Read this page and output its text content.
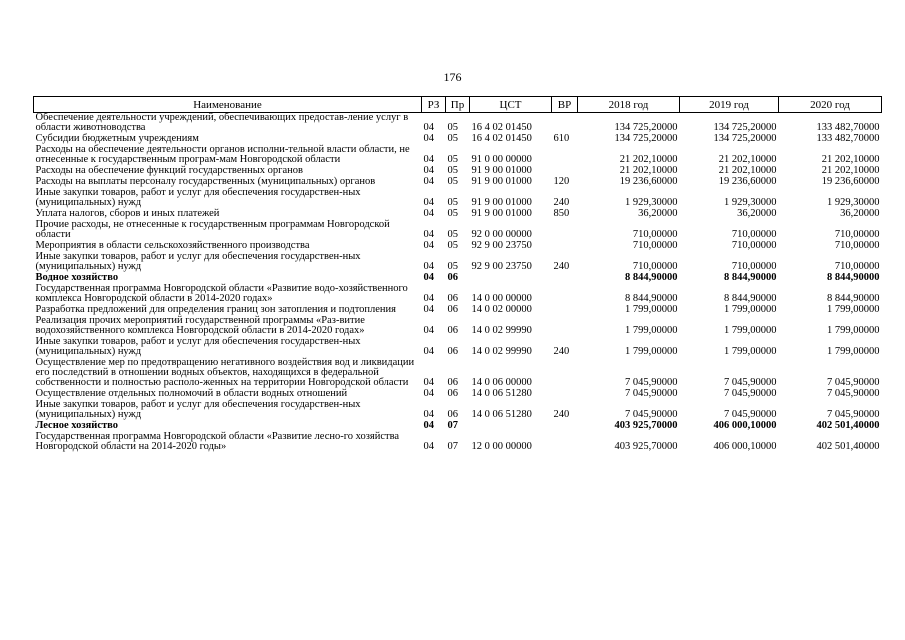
176
Наименование	РЗ	Пр	ЦСТ	ВР	2018 год	2019 год	2020 год
Обеспечение деятельности учреждений, обеспечивающих предостав-ление услуг в области животноводства	04	05	16 4 02 01450		134 725,20000	134 725,20000	133 482,70000
Субсидии бюджетным учреждениям	04	05	16 4 02 01450	610	134 725,20000	134 725,20000	133 482,70000
Расходы на обеспечение деятельности органов исполни-тельной власти области, не отнесенные к государственным програм-мам Новгородской области	04	05	91 0 00 00000		21 202,10000	21 202,10000	21 202,10000
Расходы на обеспечение функций государственных органов	04	05	91 9 00 01000		21 202,10000	21 202,10000	21 202,10000
Расходы на выплаты персоналу государственных (муниципальных) органов	04	05	91 9 00 01000	120	19 236,60000	19 236,60000	19 236,60000
Иные закупки товаров, работ и услуг для обеспечения государствен-ных (муниципальных) нужд	04	05	91 9 00 01000	240	1 929,30000	1 929,30000	1 929,30000
Уплата налогов, сборов и иных платежей	04	05	91 9 00 01000	850	36,20000	36,20000	36,20000
Прочие расходы, не отнесенные к государственным программам Новгородской области	04	05	92 0 00 00000		710,00000	710,00000	710,00000
Мероприятия в области сельскохозяйственного производства	04	05	92 9 00 23750		710,00000	710,00000	710,00000
Иные закупки товаров, работ и услуг для обеспечения государствен-ных (муниципальных) нужд	04	05	92 9 00 23750	240	710,00000	710,00000	710,00000
Водное хозяйство	04	06			8 844,90000	8 844,90000	8 844,90000
Государственная программа Новгородской области «Развитие водо-хозяйственного комплекса Новгородской области в 2014-2020 годах»	04	06	14 0 00 00000		8 844,90000	8 844,90000	8 844,90000
Разработка предложений для определения границ зон затопления и подтопления	04	06	14 0 02 00000		1 799,00000	1 799,00000	1 799,00000
Реализация прочих мероприятий государственной программы «Раз-витие водохозяйственного комплекса Новгородской области в 2014-2020 годах»	04	06	14 0 02 99990		1 799,00000	1 799,00000	1 799,00000
Иные закупки товаров, работ и услуг для обеспечения государствен-ных (муниципальных) нужд	04	06	14 0 02 99990	240	1 799,00000	1 799,00000	1 799,00000
Осуществление мер по предотвращению негативного воздействия вод и ликвидации его последствий в отношении водных объектов, находящихся в федеральной собственности и полностью располо-женных на территории Новгородской области	04	06	14 0 06 00000		7 045,90000	7 045,90000	7 045,90000
Осуществление отдельных полномочий в области водных отношений	04	06	14 0 06 51280		7 045,90000	7 045,90000	7 045,90000
Иные закупки товаров, работ и услуг для обеспечения государствен-ных (муниципальных) нужд	04	06	14 0 06 51280	240	7 045,90000	7 045,90000	7 045,90000
Лесное хозяйство	04	07			403 925,70000	406 000,10000	402 501,40000
Государственная программа Новгородской области «Развитие лесно-го хозяйства Новгородской области на 2014-2020 годы»	04	07	12 0 00 00000		403 925,70000	406 000,10000	402 501,40000
